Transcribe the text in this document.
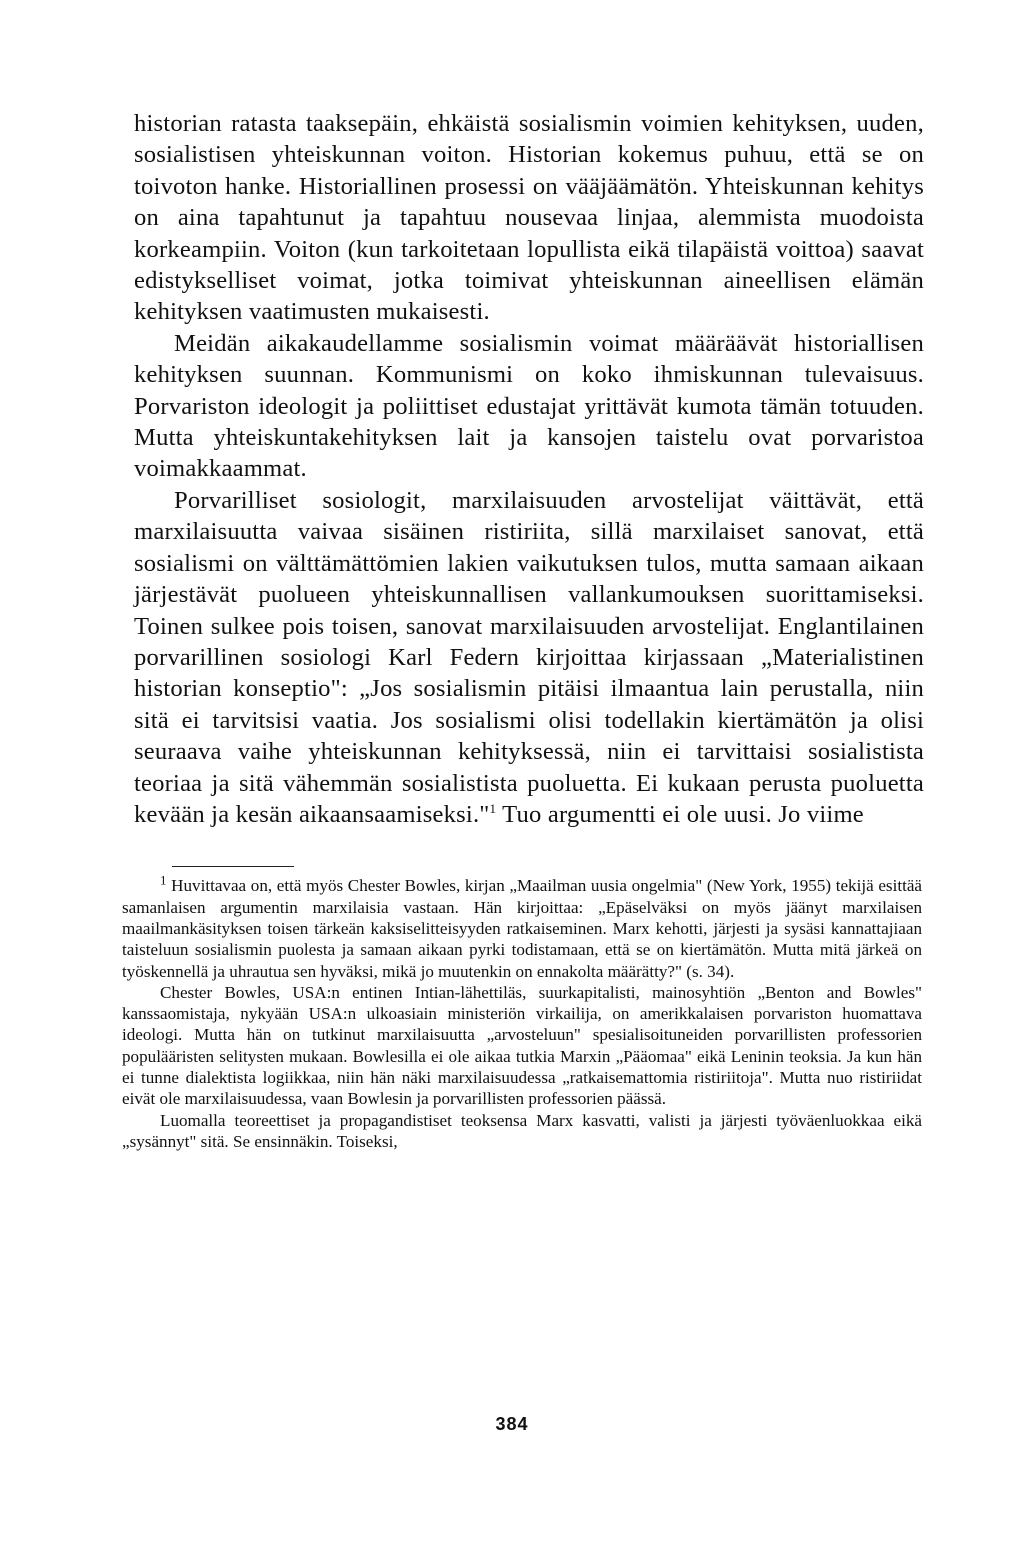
historian ratasta taaksepäin, ehkäistä sosialismin voimien kehityksen, uuden, sosialistisen yhteiskunnan voiton. Historian kokemus puhuu, että se on toivoton hanke. Historiallinen prosessi on vääjäämätön. Yhteiskunnan kehitys on aina tapahtunut ja tapahtuu nousevaa linjaa, alemmista muodoista korkeampiin. Voiton (kun tarkoitetaan lopullista eikä tilapäistä voittoa) saavat edistykselliset voimat, jotka toimivat yhteiskunnan aineellisen elämän kehityksen vaatimusten mukaisesti.

Meidän aikakaudellamme sosialismin voimat määräävät historiallisen kehityksen suunnan. Kommunismi on koko ihmiskunnan tulevaisuus. Porvariston ideologit ja poliittiset edustajat yrittävät kumota tämän totuuden. Mutta yhteiskuntakehityksen lait ja kansojen taistelu ovat porvaristoa voimakkaammat.

Porvarilliset sosiologit, marxilaisuuden arvostelijat väittävät, että marxilaisuutta vaivaa sisäinen ristiriita, sillä marxilaiset sanovat, että sosialismi on välttämättömien lakien vaikutuksen tulos, mutta samaan aikaan järjestävät puolueen yhteiskunnallisen vallankumouksen suorittamiseksi. Toinen sulkee pois toisen, sanovat marxilaisuuden arvostelijat. Englantilainen porvarillinen sosiologi Karl Federn kirjoittaa kirjassaan „Materialistinen historian konseptio": „Jos sosialismin pitäisi ilmaantua lain perustalla, niin sitä ei tarvitsisi vaatia. Jos sosialismi olisi todellakin kiertämätön ja olisi seuraava vaihe yhteiskunnan kehityksessä, niin ei tarvittaisi sosialistista teoriaa ja sitä vähemmän sosialistista puoluetta. Ei kukaan perusta puoluetta kevään ja kesän aikaansaamiseksi."$^1$ Tuo argumentti ei ole uusi. Jo viime

$^1$ Huvittavaa on, että myös Chester Bowles, kirjan „Maailman uusia ongelmia" (New York, 1955) tekijä esittää samanlaisen argumentin marxilaisia vastaan. Hän kirjoittaa: „Epäselväksi on myös jäänyt marxilaisen maailmankäsityksen toisen tärkeän kaksiselitteisyyden ratkaiseminen. Marx kehotti, järjesti ja sysäsi kannattajiaan taisteluun sosialismin puolesta ja samaan aikaan pyrki todistamaan, että se on kiertämätön. Mutta mitä järkeä on työskennellä ja uhrautua sen hyväksi, mikä jo muutenkin on ennakolta määrätty?" (s. 34).

Chester Bowles, USA:n entinen Intian-lähettiläs, suurkapitalisti, mainosyhtiön „Benton and Bowles" kanssaomistaja, nykyään USA:n ulkoasiain ministeriön virkailija, on amerikkalaisen porvariston huomattava ideologi. Mutta hän on tutkinut marxilaisuutta „arvosteluun" spesialisoituneiden porvarillisten professorien populääristen selitysten mukaan. Bowlesilla ei ole aikaa tutkia Marxin „Pääomaa" eikä Leninin teoksia. Ja kun hän ei tunne dialektista logiikkaa, niin hän näki marxilaisuudessa „ratkaisemattomia ristiriitoja". Mutta nuo ristiriidat eivät ole marxilaisuudessa, vaan Bowlesin ja porvarillisten professorien päässä.

Luomalla teoreettiset ja propagandistiset teoksensa Marx kasvatti, valisti ja järjesti työväenluokkaa eikä „sysännyt" sitä. Se ensinnäkin. Toiseksi,

384
